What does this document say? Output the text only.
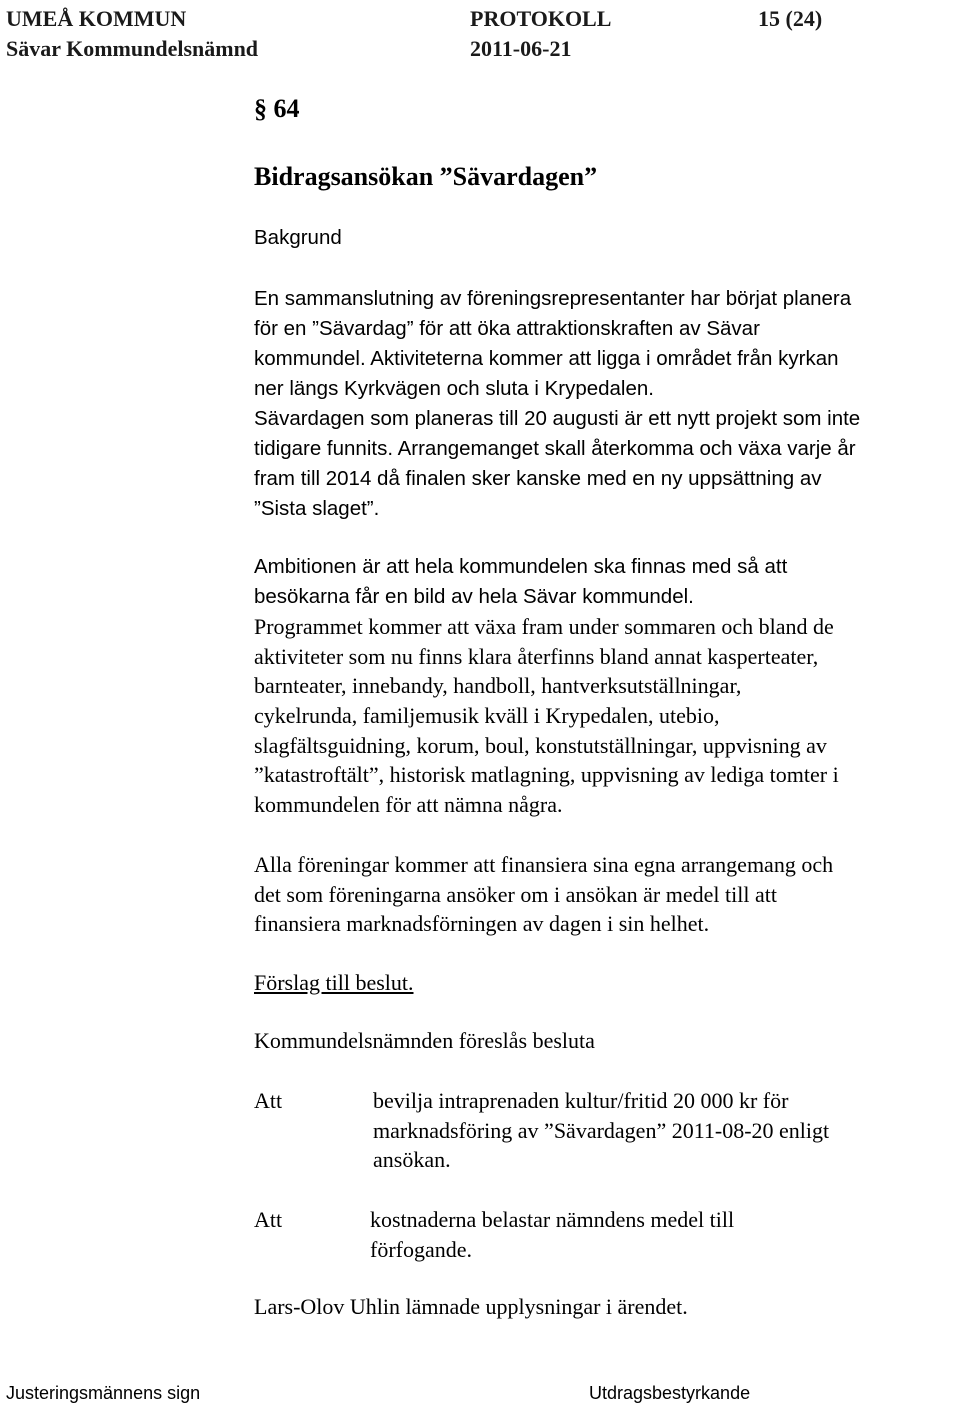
UMEÅ KOMMUN	PROTOKOLL	15 (24)
Sävar Kommundelsnämnd	2011-06-21
§ 64
Bidragsansökan ”Sävardagen”
Bakgrund
En sammanslutning av föreningsrepresentanter har börjat planera
för en ”Sävardag” för att öka attraktionskraften av Sävar
kommundel. Aktiviteterna kommer att ligga i området från kyrkan
ner längs Kyrkvägen och sluta i Krypedalen.
Sävardagen som planeras till 20 augusti är ett nytt projekt som inte
tidigare funnits. Arrangemanget skall återkomma och växa varje år
fram till 2014 då finalen sker kanske med en ny uppsättning av
”Sista slaget”.
Ambitionen är att hela kommundelen ska finnas med så att
besökarna får en bild av hela Sävar kommundel.
Programmet kommer att växa fram under sommaren och bland de
aktiviteter som nu finns klara återfinns bland annat kasperteater,
barnteater, innebandy, handboll, hantverksutställningar,
cykelrunda, familjemusik kväll i Krypedalen, utebio,
slagfältsguidning, korum, boul, konstutställningar, uppvisning av
”katastroftält”, historisk matlagning, uppvisning av lediga tomter i
kommundelen för att nämna några.
Alla föreningar kommer att finansiera sina egna arrangemang och
det som föreningarna ansöker om i ansökan är medel till att
finansiera marknadsförningen av dagen i sin helhet.
Förslag till beslut.
Kommundelsnämnden föreslås besluta
Att	bevilja intraprenaden kultur/fritid 20 000 kr för
marknadsföring av ”Sävardagen” 2011-08-20 enligt
ansökan.
Att	kostnaderna belastar nämndens medel till
förfogande.
Lars-Olov Uhlin lämnade upplysningar i ärendet.
Justeringsmännens sign	Utdragsbestyrkande
